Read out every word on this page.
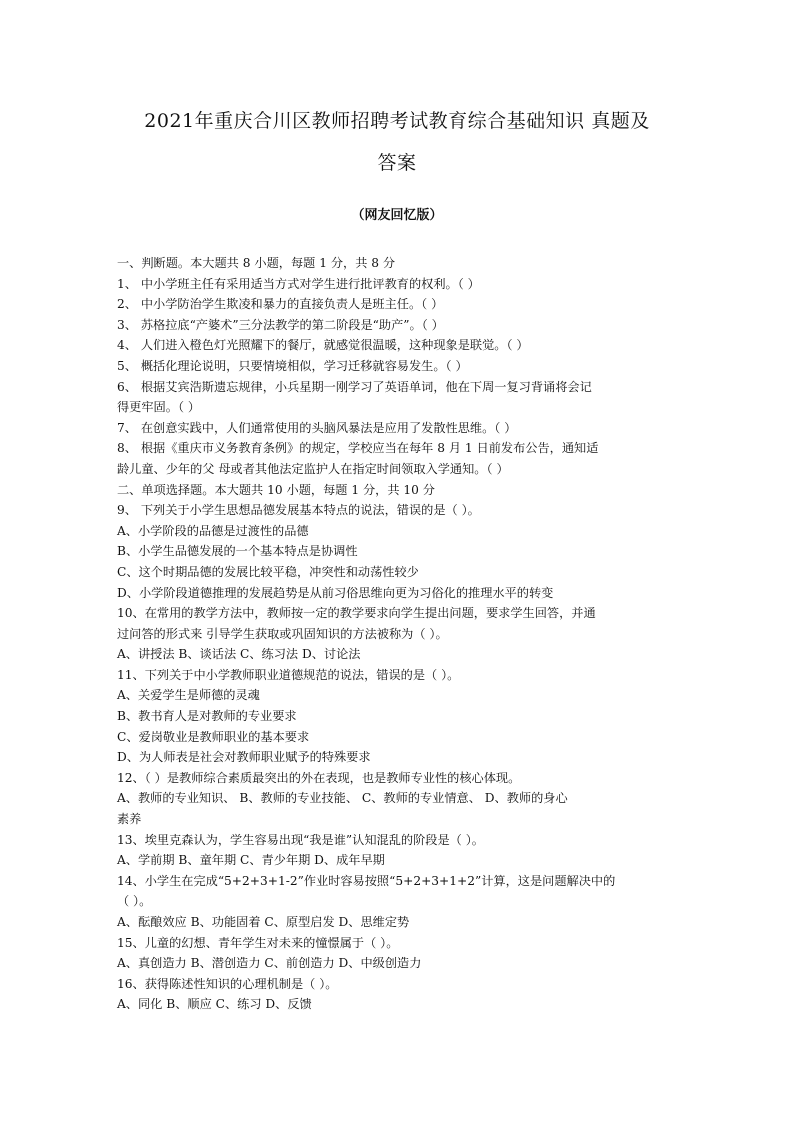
2021年重庆合川区教师招聘考试教育综合基础知识 真题及
答案
（网友回忆版）
一、判断题。本大题共 8 小题，每题 1 分，共 8 分
1、 中小学班主任有采用适当方式对学生进行批评教育的权利。（ ）
2、 中小学防治学生欺凌和暴力的直接负责人是班主任。（ ）
3、 苏格拉底“产婆术”三分法教学的第二阶段是“助产”。（ ）
4、 人们进入橙色灯光照耀下的餐厅，就感觉很温暖，这种现象是联觉。（ ）
5、 概括化理论说明，只要情境相似，学习迁移就容易发生。（ ）
6、 根据艾宾浩斯遗忘规律，小兵星期一刚学习了英语单词，他在下周一复习背诵将会记
得更牢固。（ ）
7、 在创意实践中，人们通常使用的头脑风暴法是应用了发散性思维。（ ）
8、 根据《重庆市义务教育条例》的规定，学校应当在每年 8 月 1 日前发布公告，通知适
龄儿童、少年的父 母或者其他法定监护人在指定时间领取入学通知。（ ）
二、单项选择题。本大题共 10 小题，每题 1 分，共 10 分
9、 下列关于小学生思想品德发展基本特点的说法，错误的是（ ）。
A、小学阶段的品德是过渡性的品德
B、小学生品德发展的一个基本特点是协调性
C、这个时期品德的发展比较平稳，冲突性和动荡性较少
D、小学阶段道德推理的发展趋势是从前习俗思维向更为习俗化的推理水平的转变
10、在常用的教学方法中，教师按一定的教学要求向学生提出问题，要求学生回答，并通
过问答的形式来 引导学生获取或巩固知识的方法被称为（ ）。
A、讲授法 B、谈话法 C、练习法 D、讨论法
11、下列关于中小学教师职业道德规范的说法，错误的是（ ）。
A、关爱学生是师德的灵魂
B、教书育人是对教师的专业要求
C、爱岗敬业是教师职业的基本要求
D、为人师表是社会对教师职业赋予的特殊要求
12、（ ）是教师综合素质最突出的外在表现，也是教师专业性的核心体现。
A、教师的专业知识、 B、教师的专业技能、 C、教师的专业情意、 D、教师的身心
素养
13、埃里克森认为，学生容易出现“我是谁”认知混乱的阶段是（ ）。
A、学前期 B、童年期 C、青少年期 D、成年早期
14、小学生在完成“5+2+3+1-2”作业时容易按照“5+2+3+1+2”计算，这是问题解决中的
（ ）。
A、酝酿效应 B、功能固着 C、原型启发 D、思维定势
15、儿童的幻想、青年学生对未来的憧憬属于（ ）。
A、真创造力 B、潜创造力 C、前创造力 D、中级创造力
16、获得陈述性知识的心理机制是（ ）。
A、同化 B、顺应 C、练习 D、反馈
